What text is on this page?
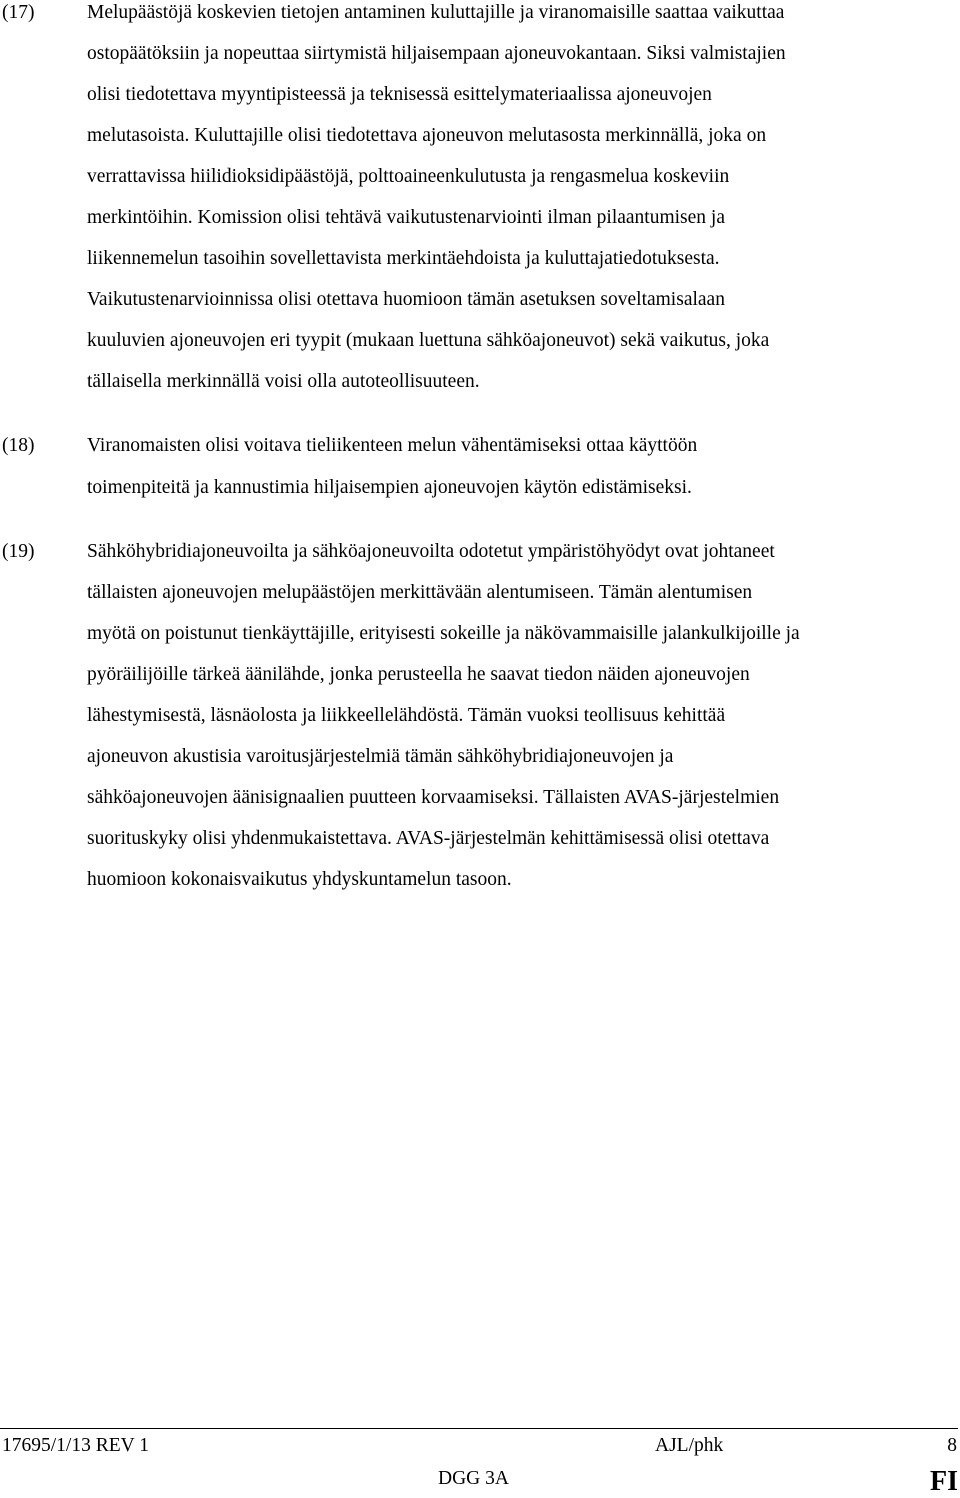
(17)	Melupäästöjä koskevien tietojen antaminen kuluttajille ja viranomaisille saattaa vaikuttaa
ostopäätöksiin ja nopeuttaa siirtymistä hiljaisempaan ajoneuvokantaan. Siksi valmistajien
olisi tiedotettava myyntipisteessä ja teknisessä esittelymateriaalissa ajoneuvojen
melutasoista. Kuluttajille olisi tiedotettava ajoneuvon melutasosta merkinnällä, joka on
verrattavissa hiilidioksidipäästöjä, polttoaineenkulutusta ja rengasmelua koskeviin
merkintöihin. Komission olisi tehtävä vaikutustenarviointi ilman pilaantumisen ja
liikennemelun tasoihin sovellettavista merkintäehdoista ja kuluttajatiedotuksesta.
Vaikutustenarvioinnissa olisi otettava huomioon tämän asetuksen soveltamisalaan
kuuluvien ajoneuvojen eri tyypit (mukaan luettuna sähköajoneuvot) sekä vaikutus, joka
tällaisella merkinnällä voisi olla autoteollisuuteen.
(18)	Viranomaisten olisi voitava tieliikenteen melun vähentämiseksi ottaa käyttöön
toimenpiteitä ja kannustimia hiljaisempien ajoneuvojen käytön edistämiseksi.
(19)	Sähköhybridiajoneuvoilta ja sähköajoneuvoilta odotetut ympäristöhyödyt ovat johtaneet
tällaisten ajoneuvojen melupäästöjen merkittävään alentumiseen. Tämän alentumisen
myötä on poistunut tienkäyttäjille, erityisesti sokeille ja näkövammaisille jalankulkijoille ja
pyöräilijöille tärkeä äänilähde, jonka perusteella he saavat tiedon näiden ajoneuvojen
lähestymisestä, läsnäolosta ja liikkeellelähdöstä. Tämän vuoksi teollisuus kehittää
ajoneuvon akustisia varoitusjärjestelmiä tämän sähköhybridiajoneuvojen ja
sähköajoneuvojen äänisignaalien puutteen korvaamiseksi. Tällaisten AVAS-järjestelmien
suorituskyky olisi yhdenmukaistettava. AVAS-järjestelmän kehittämisessä olisi otettava
huomioon kokonaisvaikutus yhdyskuntamelun tasoon.
17695/1/13 REV 1	AJL/phk	8
DGG 3A	FI
